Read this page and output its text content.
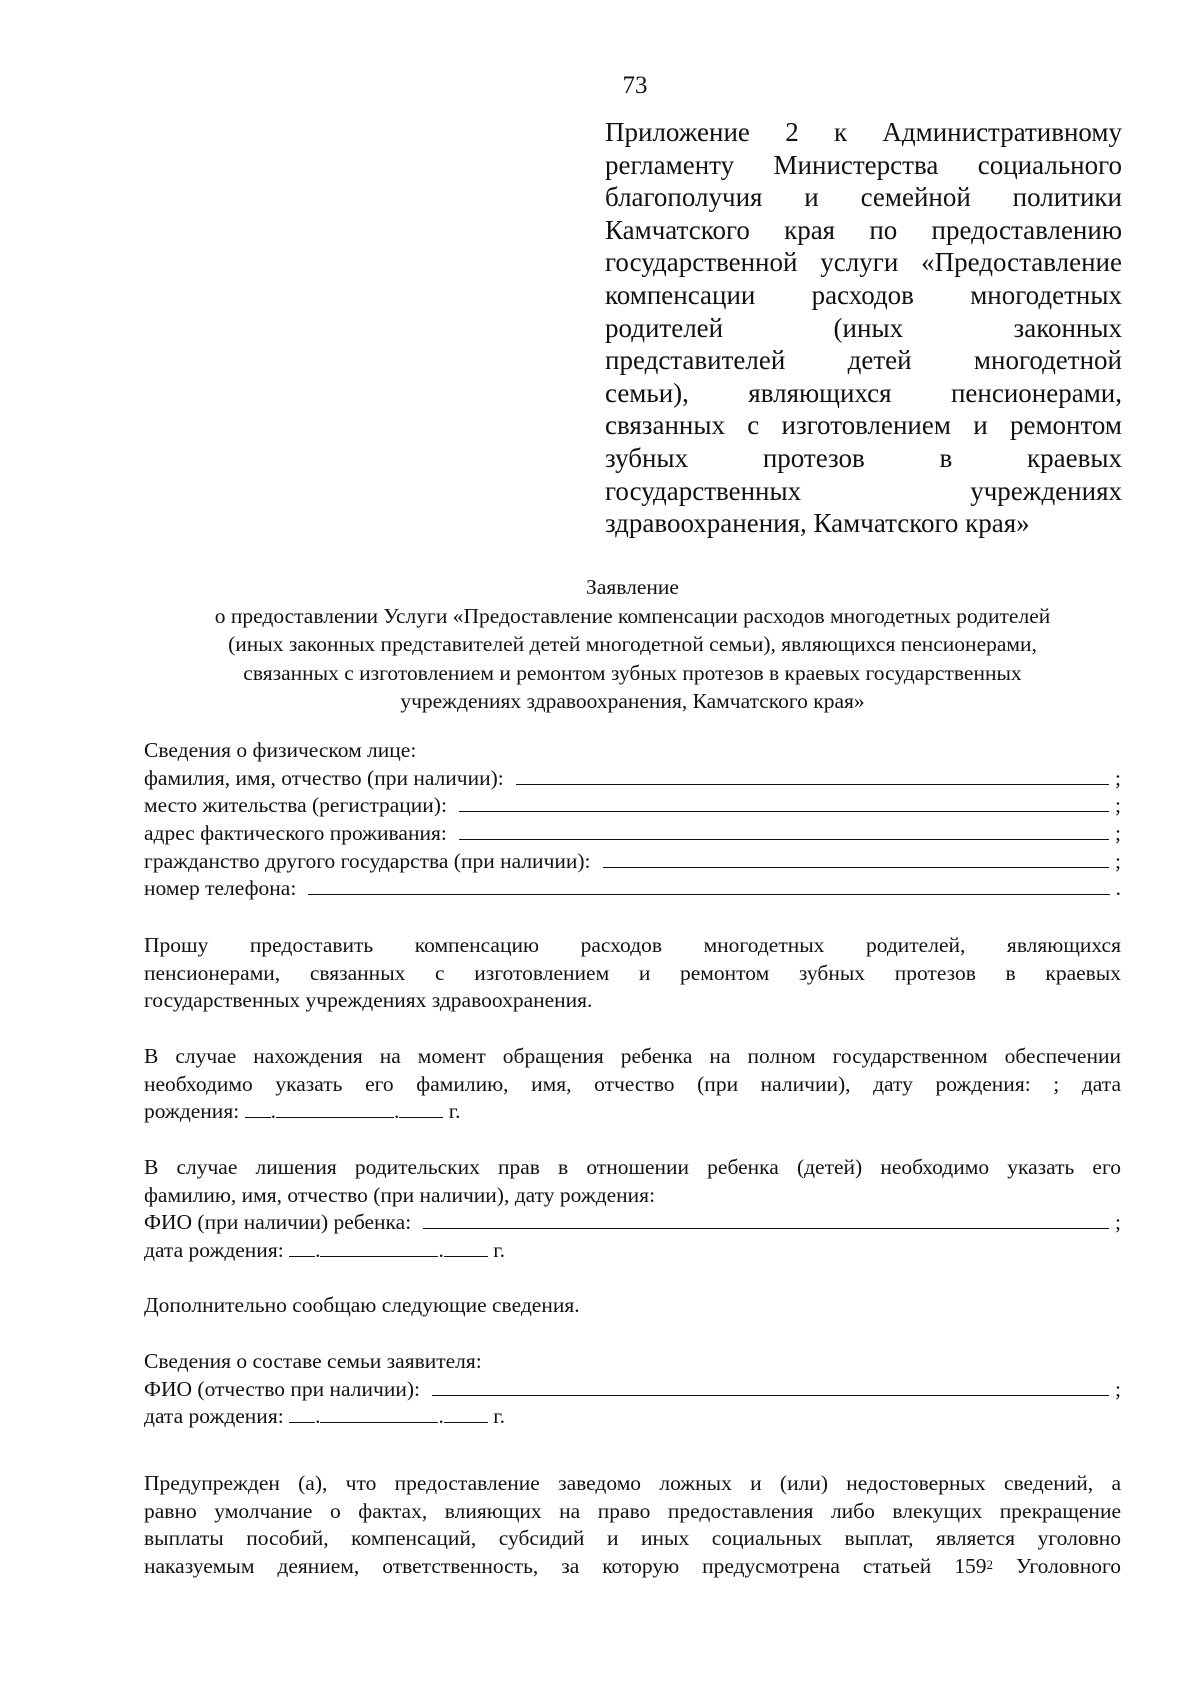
73
Приложение 2 к Административному
регламенту Министерства социального
благополучия и семейной политики
Камчатского края по предоставлению
государственной услуги «Предоставление
компенсации расходов многодетных
родителей (иных законных
представителей детей многодетной
семьи), являющихся пенсионерами,
связанных с изготовлением и ремонтом
зубных протезов в краевых
государственных учреждениях
здравоохранения, Камчатского края»
Заявление
о предоставлении Услуги «Предоставление компенсации расходов многодетных родителей
(иных законных представителей детей многодетной семьи), являющихся пенсионерами,
связанных с изготовлением и ремонтом зубных протезов в краевых государственных
учреждениях здравоохранения, Камчатского края»
Сведения о физическом лице:
фамилия, имя, отчество (при наличии):	;
место жительства (регистрации):	;
адрес фактического проживания:	;
гражданство другого государства (при наличии):	;
номер телефона:	.
Прошу предоставить компенсацию расходов многодетных родителей, являющихся
пенсионерами, связанных с изготовлением и ремонтом зубных протезов в краевых
государственных учреждениях здравоохранения.
В случае нахождения на момент обращения ребенка на полном государственном обеспечении
необходимо указать его фамилию, имя, отчество (при наличии), дату рождения: ; дата
рождения: .	. г.
В случае лишения родительских прав в отношении ребенка (детей) необходимо указать его
фамилию, имя, отчество (при наличии), дату рождения:
ФИО (при наличии) ребенка:	;
дата рождения: .	. г.
Дополнительно сообщаю следующие сведения.
Сведения о составе семьи заявителя:
ФИО (отчество при наличии):	;
дата рождения: .	. г.
Предупрежден (а), что предоставление заведомо ложных и (или) недостоверных сведений, а
равно умолчание о фактах, влияющих на право предоставления либо влекущих прекращение
выплаты пособий, компенсаций, субсидий и иных социальных выплат, является уголовно
наказуемым деянием, ответственность, за которую предусмотрена статьей $159^2$ Уголовного
